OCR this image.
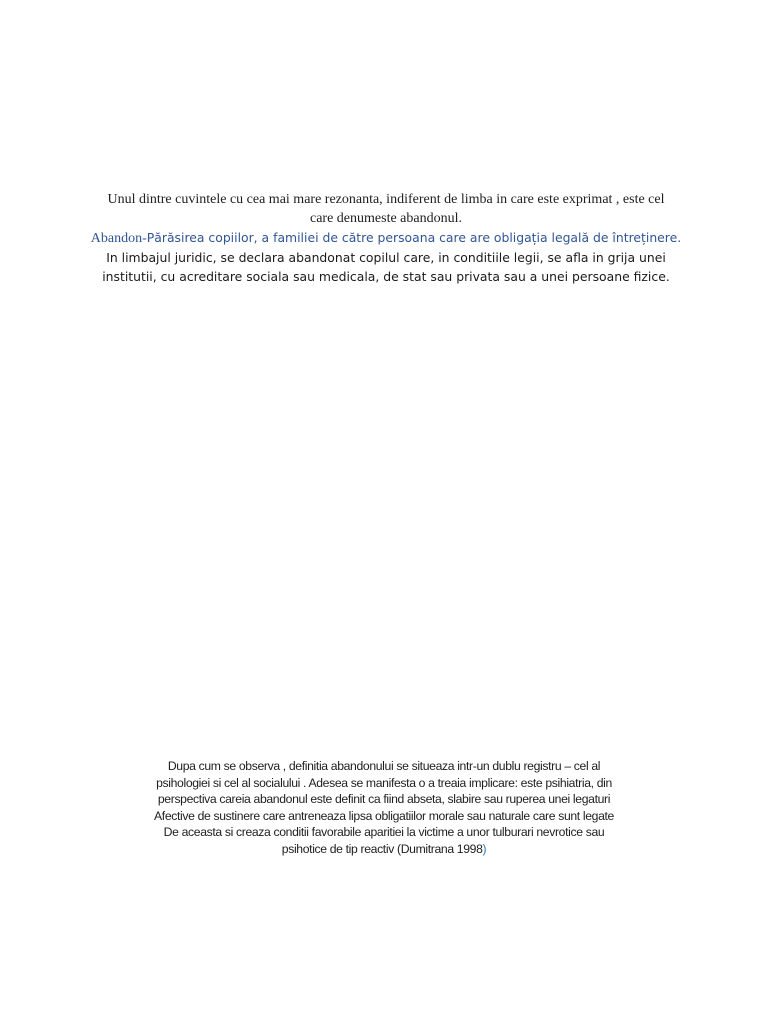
Unul dintre cuvintele cu cea mai mare rezonanta, indiferent de limba in care este exprimat , este cel
care denumeste abandonul.
Abandon-Părăsirea copiilor, a familiei de către persoana care are obligația legală de întreținere.
In limbajul juridic, se declara abandonat copilul care, in conditiile legii, se afla in grija unei
institutii, cu acreditare sociala sau medicala, de stat sau privata sau a unei persoane fizice.
Dupa cum se observa , definitia abandonului se situeaza intr-un dublu registru – cel al
psihologiei si cel al socialului . Adesea se manifesta o a treaia implicare: este psihiatria, din
perspectiva careia abandonul este definit ca fiind abseta, slabire sau ruperea unei legaturi
Afective de sustinere care antreneaza lipsa obligatiilor morale sau naturale care sunt legate
De aceasta si creaza conditii favorabile aparitiei la victime a unor tulburari nevrotice sau
psihotice de tip reactiv (Dumitrana 1998)
